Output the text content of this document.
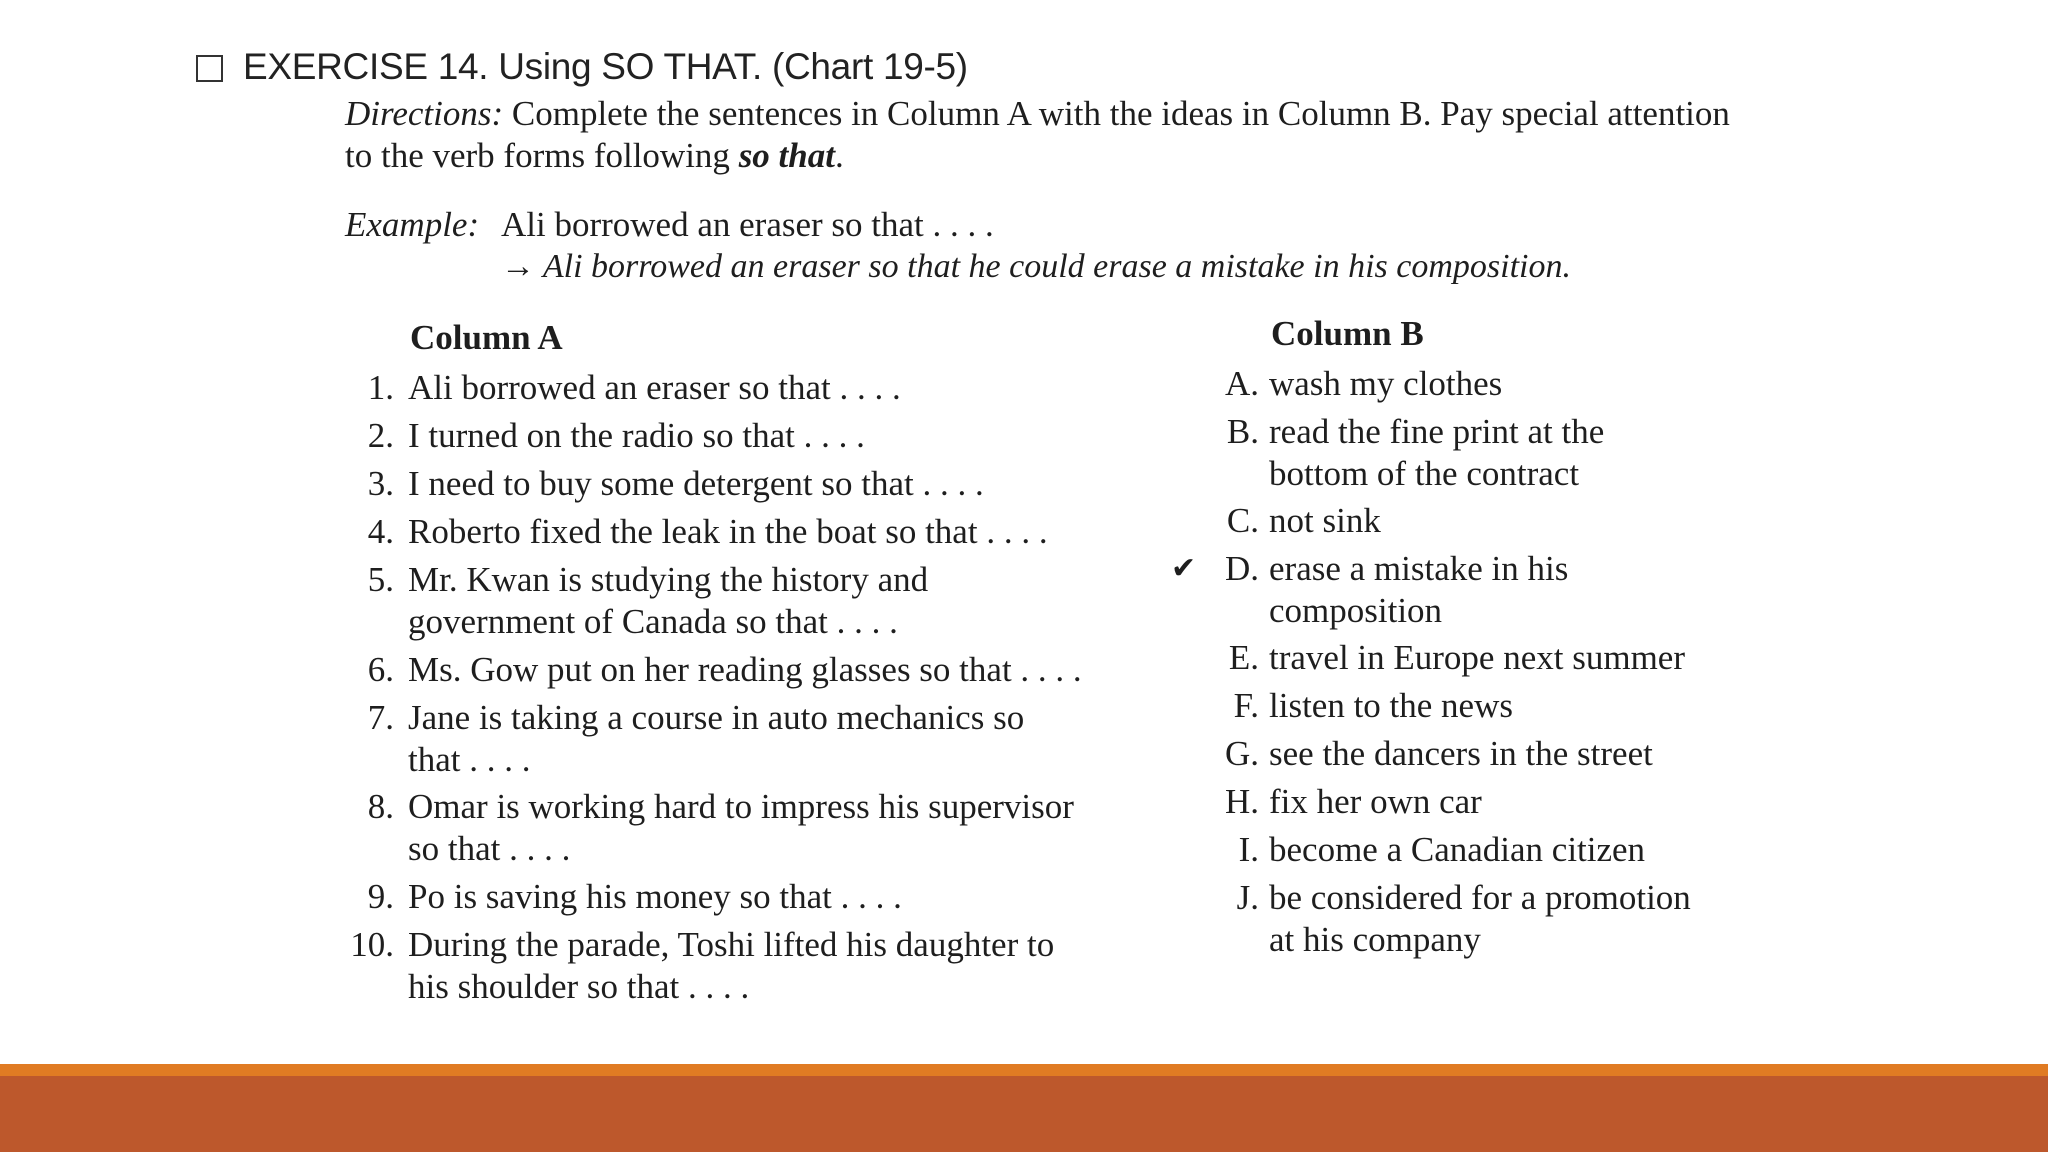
EXERCISE 14. Using SO THAT. (Chart 19-5)
Directions: Complete the sentences in Column A with the ideas in Column B. Pay special attention to the verb forms following so that.
Example: Ali borrowed an eraser so that . . . .
→ Ali borrowed an eraser so that he could erase a mistake in his composition.
Column A	Column B
1. Ali borrowed an eraser so that . . . .
2. I turned on the radio so that . . . .
3. I need to buy some detergent so that . . . .
4. Roberto fixed the leak in the boat so that . . . .
5. Mr. Kwan is studying the history and
government of Canada so that . . . .
6. Ms. Gow put on her reading glasses so that . . . .
7. Jane is taking a course in auto mechanics so
that . . . .
8. Omar is working hard to impress his supervisor
so that . . . .
9. Po is saving his money so that . . . .
10. During the parade, Toshi lifted his daughter to
his shoulder so that . . . .
A. wash my clothes
B. read the fine print at the
bottom of the contract
C. not sink
✔ D. erase a mistake in his
composition
E. travel in Europe next summer
F. listen to the news
G. see the dancers in the street
H. fix her own car
I. become a Canadian citizen
J. be considered for a promotion
at his company
